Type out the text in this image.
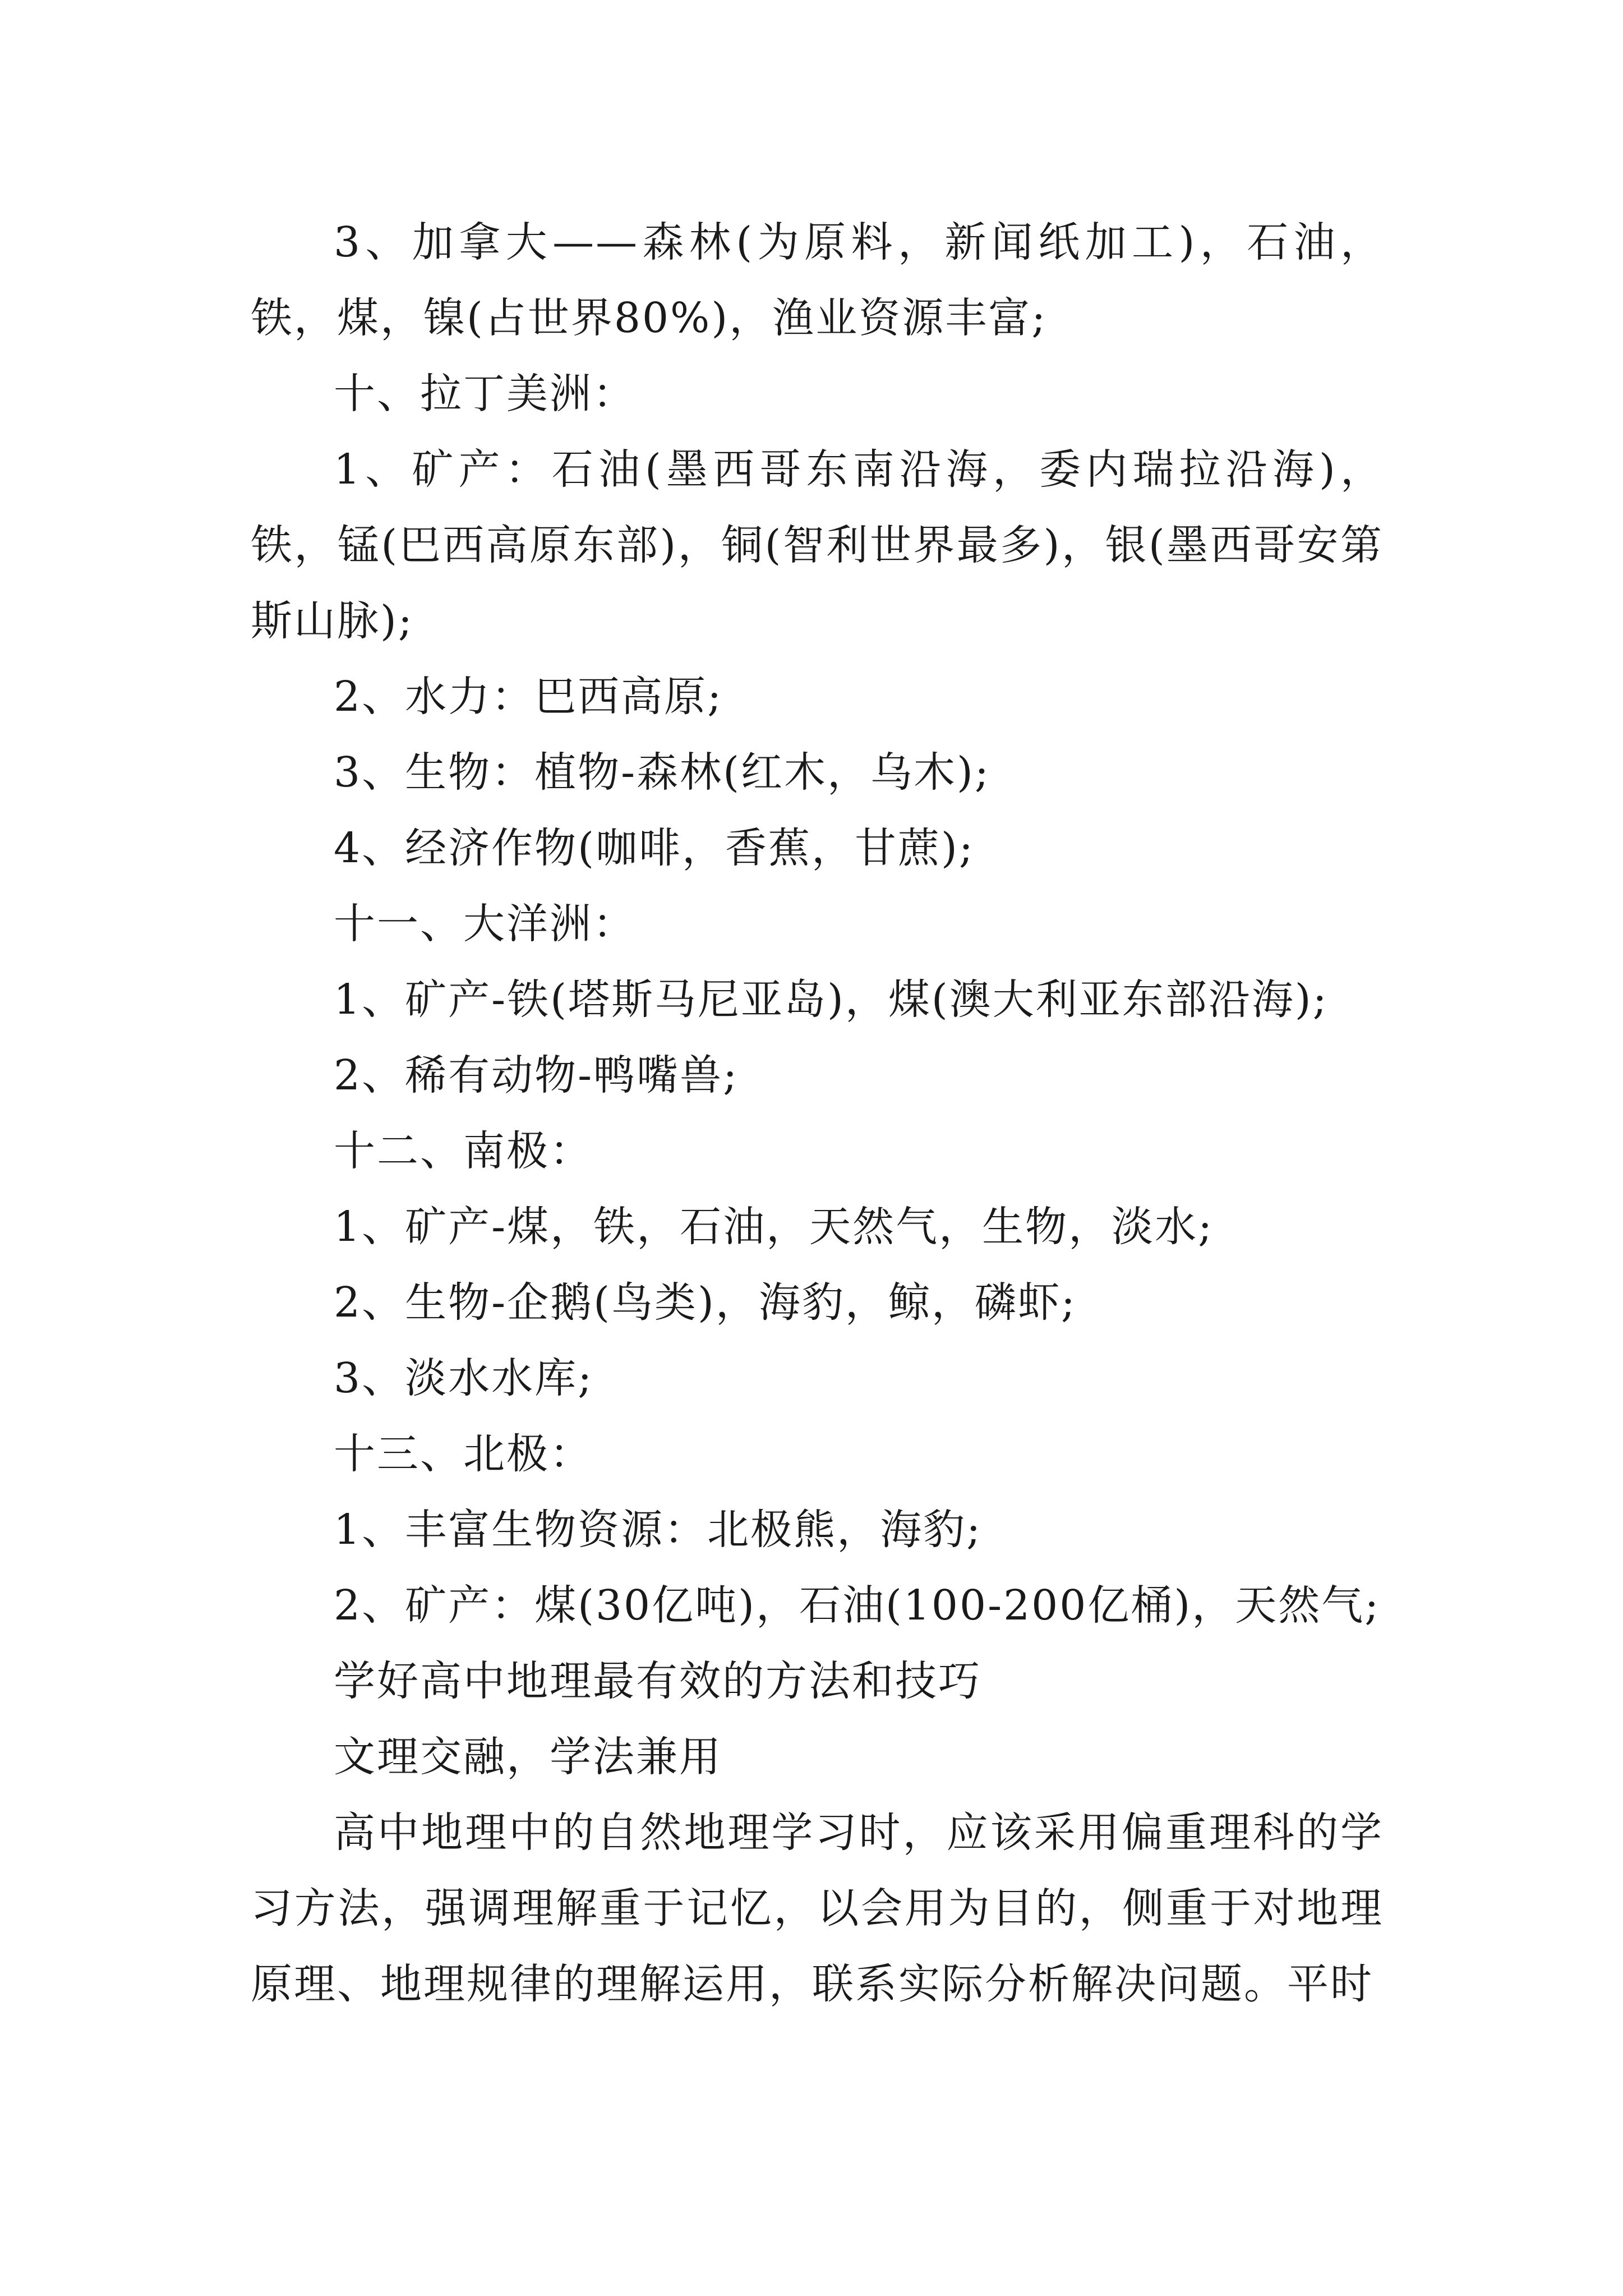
3、加拿大——森林(为原料，新闻纸加工)，石油，铁，煤，镍(占世界80%)，渔业资源丰富;

十、拉丁美洲：

1、矿产：石油(墨西哥东南沿海，委内瑞拉沿海)，铁，锰(巴西高原东部)，铜(智利世界最多)，银(墨西哥安第斯山脉);

2、水力：巴西高原;

3、生物：植物-森林(红木，乌木);

4、经济作物(咖啡，香蕉，甘蔗);

十一、大洋洲：

1、矿产-铁(塔斯马尼亚岛)，煤(澳大利亚东部沿海);

2、稀有动物-鸭嘴兽;

十二、南极：

1、矿产-煤，铁，石油，天然气，生物，淡水;

2、生物-企鹅(鸟类)，海豹，鲸，磷虾;

3、淡水水库;

十三、北极：

1、丰富生物资源：北极熊，海豹;

2、矿产：煤(30亿吨)，石油(100-200亿桶)，天然气;

学好高中地理最有效的方法和技巧

文理交融，学法兼用

高中地理中的自然地理学习时，应该采用偏重理科的学习方法，强调理解重于记忆，以会用为目的，侧重于对地理原理、地理规律的理解运用，联系实际分析解决问题。平时
